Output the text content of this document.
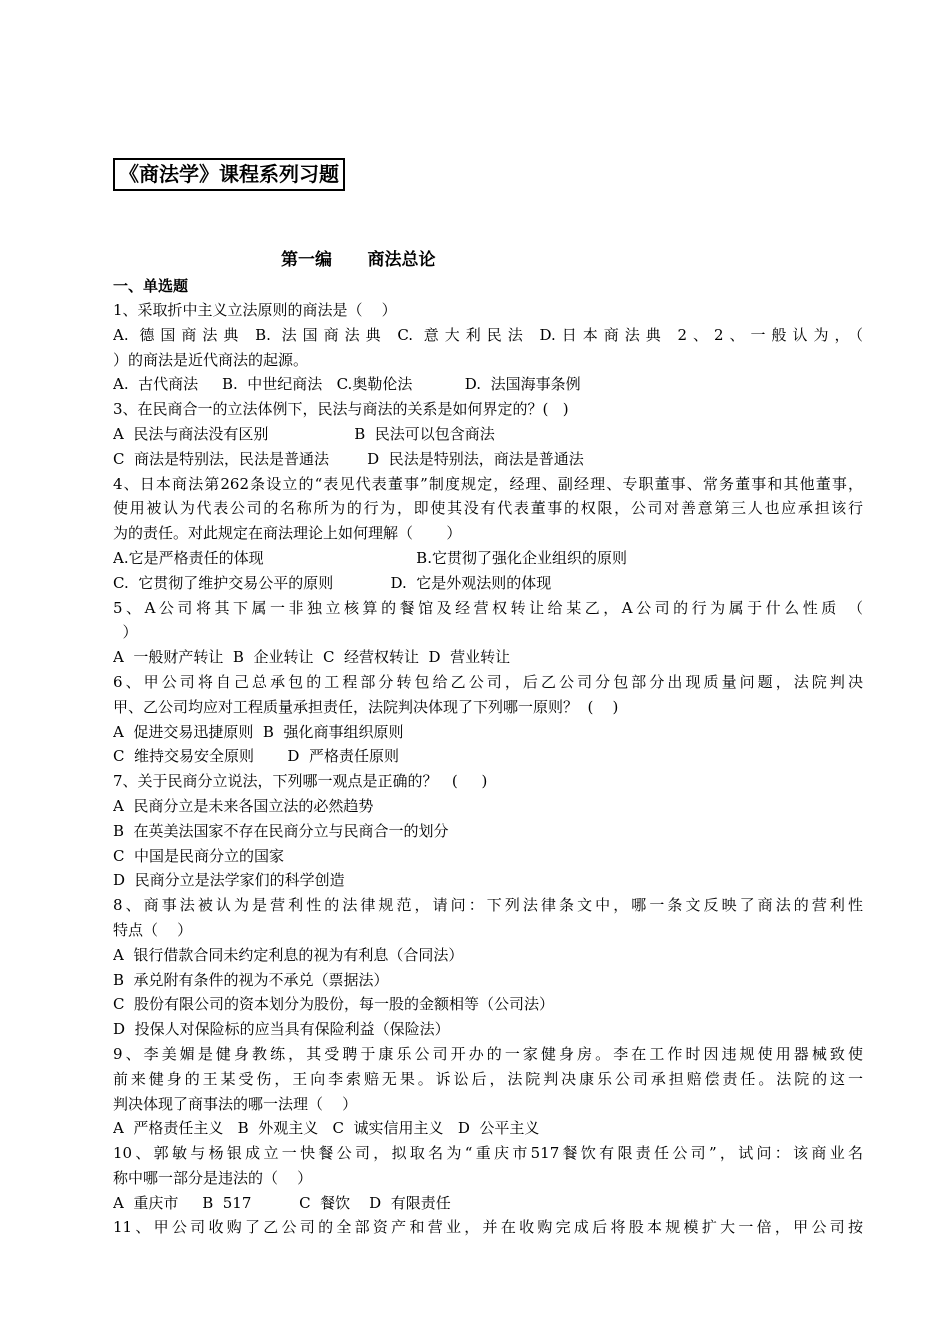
《商法学》课程系列习题
第一编      商法总论
一、单选题
1、采取折中主义立法原则的商法是（    ）
A. 德国商法典 B. 法国商法典 C. 意大利民法 D.日本商法典 2、2、一般认为，（
）的商法是近代商法的起源。
A.  古代商法     B.  中世纪商法   C.奥勒伦法           D.  法国海事条例
3、在民商合一的立法体例下，民法与商法的关系是如何界定的？(   )
A  民法与商法没有区别                  B  民法可以包含商法
C  商法是特别法，民法是普通法        D  民法是特别法，商法是普通法
4、日本商法第262条设立的“表见代表董事”制度规定，经理、副经理、专职董事、常务董事和其他董事，
使用被认为代表公司的名称所为的行为，即使其没有代表董事的权限，公司对善意第三人也应承担该行
为的责任。对此规定在商法理论上如何理解（       ）
A.它是严格责任的体现                                B.它贯彻了强化企业组织的原则
C.  它贯彻了维护交易公平的原则            D.  它是外观法则的体现
5、A公司将其下属一非独立核算的餐馆及经营权转让给某乙，A公司的行为属于什么性质 （
）
A  一般财产转让  B  企业转让  C  经营权转让  D  营业转让
6、甲公司将自己总承包的工程部分转包给乙公司，后乙公司分包部分出现质量问题，法院判决
甲、乙公司均应对工程质量承担责任，法院判决体现了下列哪一原则？  (    )
A  促进交易迅捷原则  B  强化商事组织原则
C  维持交易安全原则       D  严格责任原则
7、关于民商分立说法，下列哪一观点是正确的？   (     )
A  民商分立是未来各国立法的必然趋势
B  在英美法国家不存在民商分立与民商合一的划分
C  中国是民商分立的国家
D  民商分立是法学家们的科学创造
8、商事法被认为是营利性的法律规范，请问：下列法律条文中，哪一条文反映了商法的营利性
特点（    ）
A  银行借款合同未约定利息的视为有利息（合同法）
B  承兑附有条件的视为不承兑（票据法）
C  股份有限公司的资本划分为股份，每一股的金额相等（公司法）
D  投保人对保险标的应当具有保险利益（保险法）
9、李美媚是健身教练，其受聘于康乐公司开办的一家健身房。李在工作时因违规使用器械致使
前来健身的王某受伤，王向李索赔无果。诉讼后，法院判决康乐公司承担赔偿责任。法院的这一
判决体现了商事法的哪一法理（    ）
A  严格责任主义   B  外观主义   C  诚实信用主义   D  公平主义
10、郭敏与杨银成立一快餐公司，拟取名为“重庆市517餐饮有限责任公司”，试问：该商业名
称中哪一部分是违法的（    ）
A  重庆市     B  517          C  餐饮    D  有限责任
11、甲公司收购了乙公司的全部资产和营业，并在收购完成后将股本规模扩大一倍，甲公司按
